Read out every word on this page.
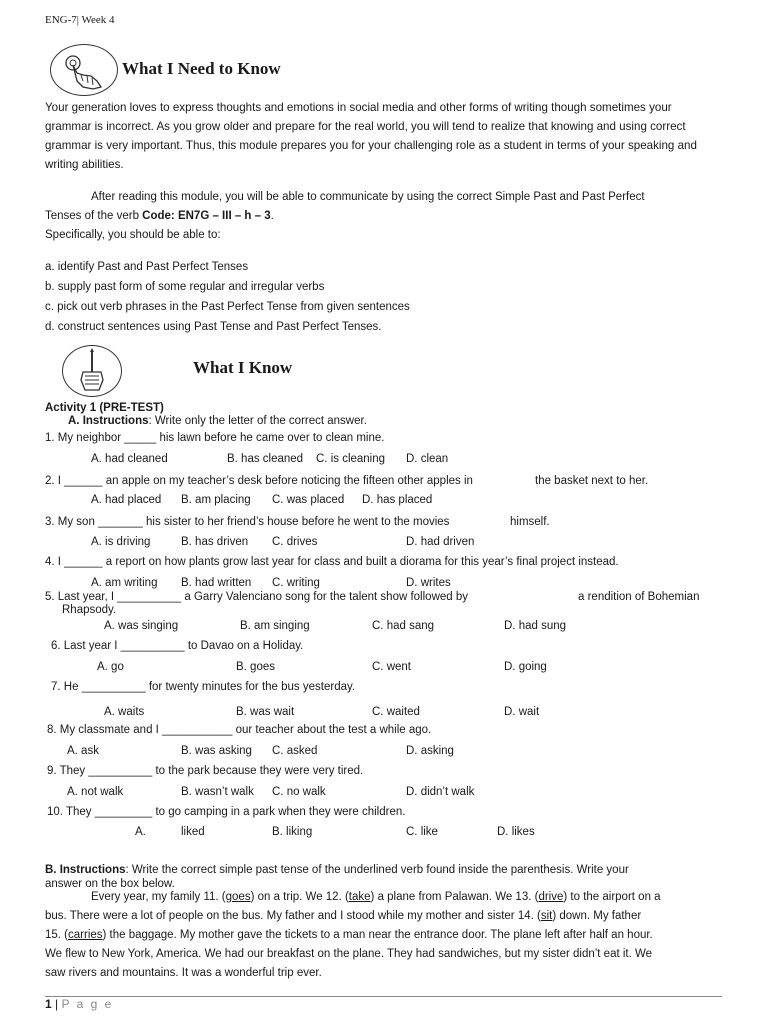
ENG-7| Week 4
What I Need to Know
Your generation loves to express thoughts and emotions in social media and other forms of writing though sometimes your grammar is incorrect. As you grow older and prepare for the real world, you will tend to realize that knowing and using correct grammar is very important. Thus, this module prepares you for your challenging role as a student in terms of your speaking and writing abilities.
After reading this module, you will be able to communicate by using the correct Simple Past and Past Perfect
Tenses of the verb Code: EN7G – III – h – 3.
Specifically, you should be able to:
a. identify Past and Past Perfect Tenses
b. supply past form of some regular and irregular verbs
c. pick out verb phrases in the Past Perfect Tense from given sentences
d. construct sentences using Past Tense and Past Perfect Tenses.
What I Know
Activity 1 (PRE-TEST)
A. Instructions: Write only the letter of the correct answer.
1. My neighbor _____ his lawn before he came over to clean mine.
A. had cleaned	B. has cleaned C. is cleaning D. clean
2. I ______ an apple on my teacher’s desk before noticing the fifteen other apples in	the basket next to her.
A. had placed B. am placing C. was placed D. has placed
3. My son _______ his sister to her friend’s house before he went to the movies	himself.
A. is driving	B. has driven C. drives	D. had driven
4. I ______ a report on how plants grow last year for class and built a diorama for this year’s final project instead.
A. am writing B. had written C. writing	D. writes
5. Last year, I __________ a Garry Valenciano song for the talent show followed by	a rendition of Bohemian
Rhapsody.
A. was singing	B. am singing	C. had sang	D. had sung
6. Last year I __________ to Davao on a Holiday.
A. go	B. goes	C. went	D. going
7. He __________ for twenty minutes for the bus yesterday.
A. waits	B. was wait	C. waited	D. wait
8. My classmate and I ___________ our teacher about the test a while ago.
A. ask	B. was asking C. asked	D. asking
9. They __________ to the park because they were very tired.
A. not walk	B. wasn’t walk C. no walk	D. didn’t walk
10. They _________ to go camping in a park when they were children.
A.	liked	B. liking	C. like	D. likes
B. Instructions: Write the correct simple past tense of the underlined verb found inside the parenthesis. Write your
answer on the box below.
Every year, my family 11. (goes) on a trip. We 12. (take) a plane from Palawan. We 13. (drive) to the airport on a
bus. There were a lot of people on the bus. My father and I stood while my mother and sister 14. (sit) down. My father
15. (carries) the baggage. My mother gave the tickets to a man near the entrance door. The plane left after half an hour.
We flew to New York, America. We had our breakfast on the plane. They had sandwiches, but my sister didn’t eat it. We
saw rivers and mountains. It was a wonderful trip ever.
1 | P a g e
